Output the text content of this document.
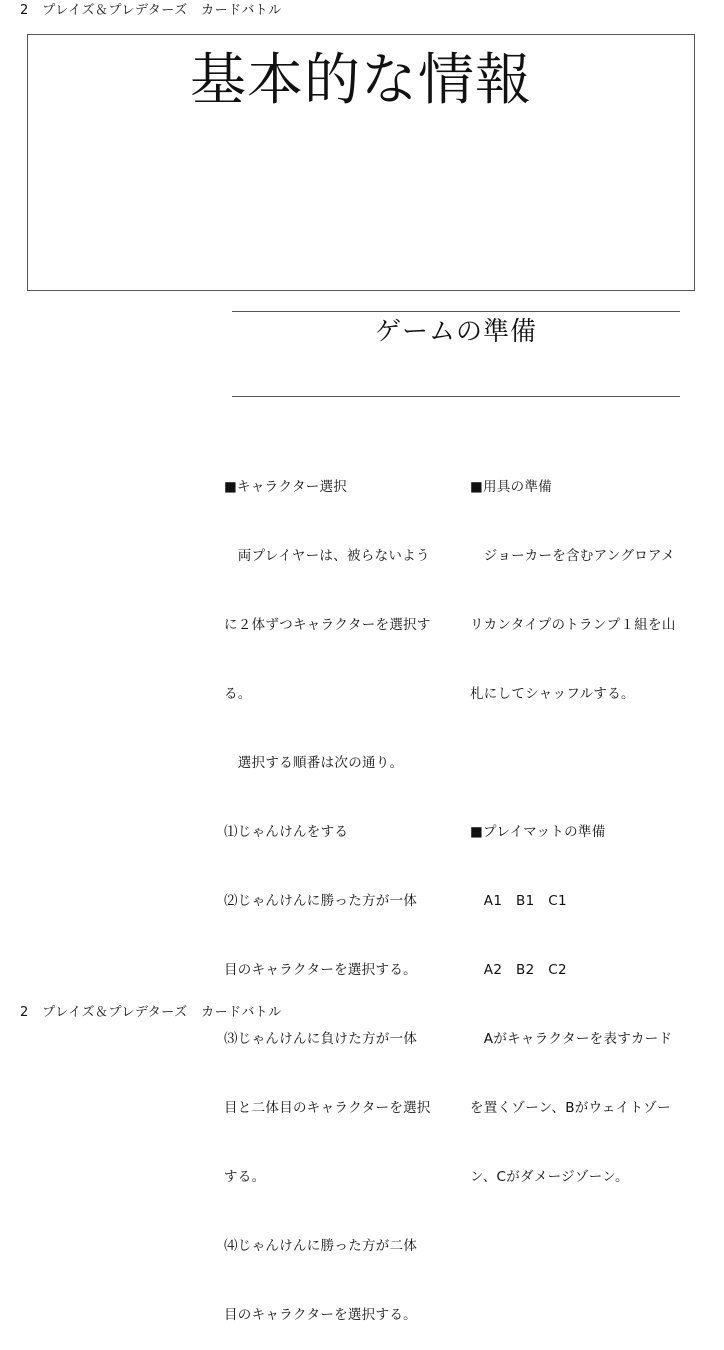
2　プレイズ＆プレデターズ　カードバトル
基本的な情報
ゲームの準備

■キャラクター選択

　両プレイヤーは、被らないよう

に２体ずつキャラクターを選択す

る。

　選択する順番は次の通り。

⑴じゃんけんをする

⑵じゃんけんに勝った方が一体

目のキャラクターを選択する。

⑶じゃんけんに負けた方が一体

目と二体目のキャラクターを選択

する。

⑷じゃんけんに勝った方が二体

目のキャラクターを選択する。

■用具の準備

　ジョーカーを含むアングロアメ

リカンタイプのトランプ１組を山

札にしてシャッフルする。

■プレイマットの準備

　A1　B1　C1

　A2　B2　C2

　Aがキャラクターを表すカード

を置くゾーン、Bがウェイトゾー

ン、Cがダメージゾーン。

2　プレイズ＆プレデターズ　カードバトル
